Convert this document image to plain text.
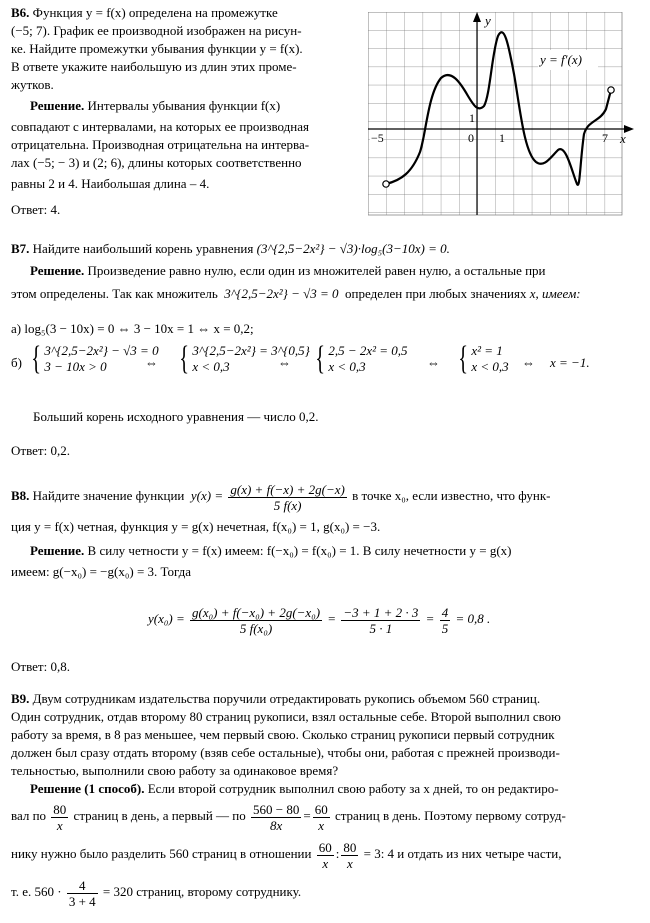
В6. Функция y = f(x) определена на промежутке
(−5; 7). График ее производной изображен на рисун-
ке. Найдите промежутки убывания функции y = f(x).
В ответе укажите наибольшую из длин этих проме-
жутков.
Решение. Интервалы убывания функции f(x)
совпадают с интервалами, на которых ее производная
отрицательна. Производная отрицательна на интерва-
лах (−5; − 3) и (2; 6), длины которых соответственно
равны 2 и 4. Наибольшая длина – 4.
Ответ: 4.
y = f′(x)
y
x
−5	0 1
1
7
В7. Найдите наибольший корень уравнения (3^{2,5−2x²} − √3)·log₅(3−10x) = 0.
Решение. Произведение равно нулю, если один из множителей равен нулю, а остальные при
этом определены. Так как множитель 3^{2,5−2x²} − √3 = 0 определен при любых значениях x, имеем:
а) log₅(3 − 10x) = 0 ⇔ 3 − 10x = 1 ⇔ x = 0,2;
б) { 3^{2,5−2x²} − √3 = 0
3 − 10x > 0	⇔ { 3^{2,5−2x²} = 3^{0,5}
x < 0,3	⇔ { 2,5 − 2x² = 0,5
x < 0,3	⇔ { x² = 1
x < 0,3 ⇔ x = −1.
Больший корень исходного уравнения — число 0,2.
Ответ: 0,2.
В8. Найдите значение функции $y(x) = \frac{g(x) + f(-x) + 2g(-x)}{5 f(x)}$ в точке x₀, если известно, что функ-
ция y = f(x) четная, функция y = g(x) нечетная, f(x₀) = 1, g(x₀) = −3.
Решение. В силу четности y = f(x) имеем: f(−x₀) = f(x₀) = 1. В силу нечетности y = g(x)
имеем: g(−x₀) = −g(x₀) = 3. Тогда
$y(x_0) = \frac{\text{g(x₀) + f(−x₀) + 2g(−x₀)}}{\text{5 f(x₀)}} = \frac{-3 + 1 + 2 \cdot 3}{5 \cdot 1} = \frac{4}{5} = 0,8$ .
Ответ: 0,8.
В9. Двум сотрудникам издательства поручили отредактировать рукопись объемом 560 страниц.
Один сотрудник, отдав второму 80 страниц рукописи, взял остальные себе. Второй выполнил свою
работу за время, в 8 раз меньшее, чем первый свою. Сколько страниц рукописи первый сотрудник
должен был сразу отдать второму (взяв себе остальные), чтобы они, работая с прежней производи-
тельностью, выполнили свою работу за одинаковое время?
Решение (1 способ). Если второй сотрудник выполнил свою работу за x дней, то он редактиро-
вал по $\frac{80}{x}$ страниц в день, а первый — по $\frac{560 - 80}{8x} = \frac{60}{x}$ страниц в день. Поэтому первому сотруд-
нику нужно было разделить 560 страниц в отношении $\frac{60}{x}$ : $\frac{80}{x} = 3$: 4 и отдать из них четыре части,
т. е. $560 \cdot \frac{4}{3 + 4} = 320$ страниц, второму сотруднику.
